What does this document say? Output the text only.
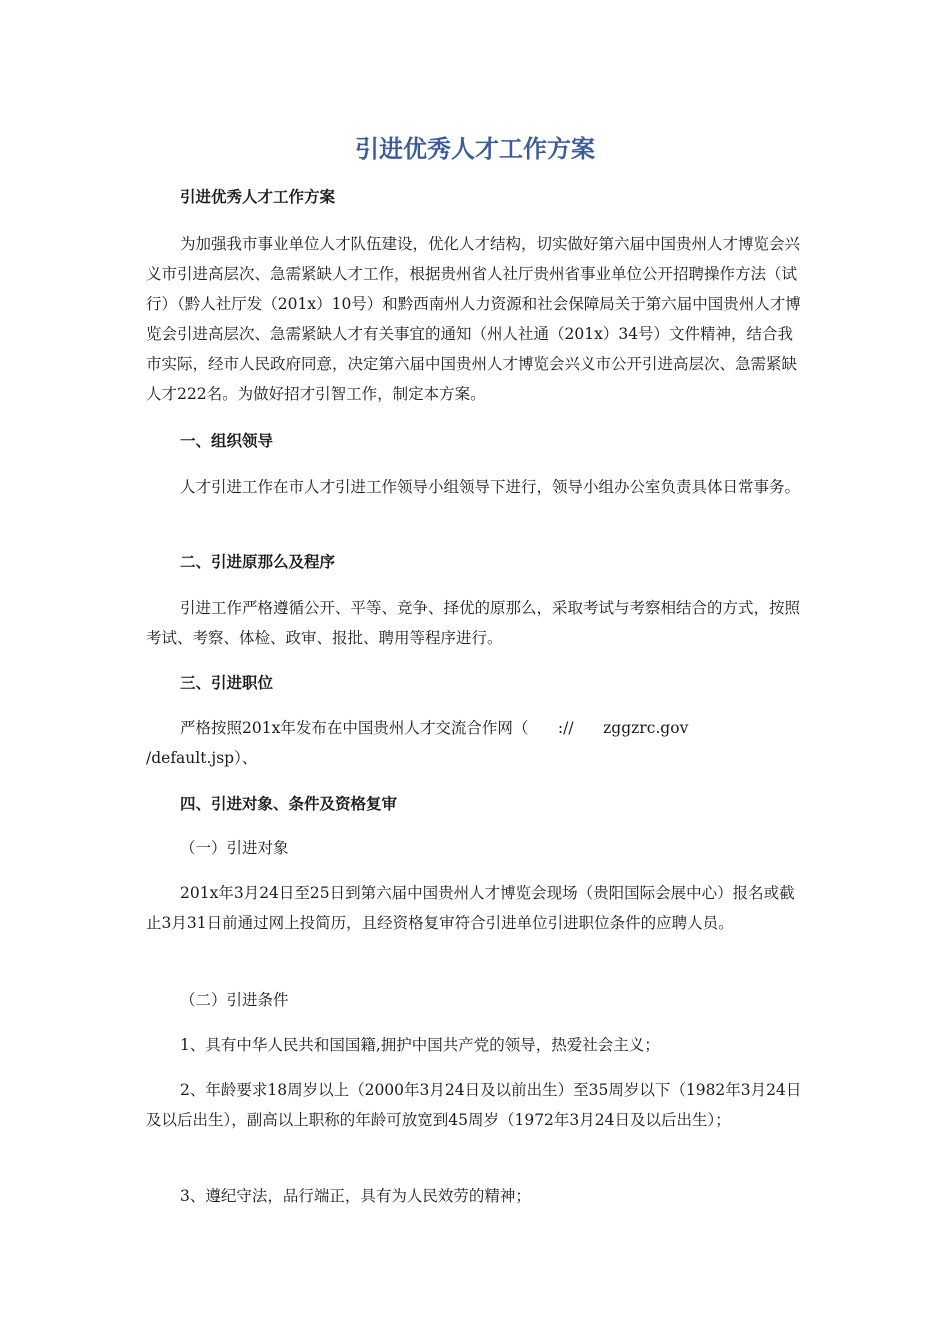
引进优秀人才工作方案

引进优秀人才工作方案

为加强我市事业单位人才队伍建设，优化人才结构，切实做好第六届中国贵州人才博览会兴义市引进高层次、急需紧缺人才工作，根据贵州省人社厅贵州省事业单位公开招聘操作方法（试行）（黔人社厅发（201x）10号）和黔西南州人力资源和社会保障局关于第六届中国贵州人才博览会引进高层次、急需紧缺人才有关事宜的通知（州人社通（201x）34号）文件精神，结合我市实际，经市人民政府同意，决定第六届中国贵州人才博览会兴义市公开引进高层次、急需紧缺人才222名。为做好招才引智工作，制定本方案。

一、组织领导

人才引进工作在市人才引进工作领导小组领导下进行，领导小组办公室负责具体日常事务。

二、引进原那么及程序

引进工作严格遵循公开、平等、竞争、择优的原那么，采取考试与考察相结合的方式，按照考试、考察、体检、政审、报批、聘用等程序进行。

三、引进职位

严格按照201x年发布在中国贵州人才交流合作网（      ://      zggzrc.gov

/default.jsp）、

四、引进对象、条件及资格复审

（一）引进对象

201x年3月24日至25日到第六届中国贵州人才博览会现场（贵阳国际会展中心）报名或截止3月31日前通过网上投简历，且经资格复审符合引进单位引进职位条件的应聘人员。

（二）引进条件

1、具有中华人民共和国国籍,拥护中国共产党的领导，热爱社会主义；

2、年龄要求18周岁以上（2000年3月24日及以前出生）至35周岁以下（1982年3月24日及以后出生），副高以上职称的年龄可放宽到45周岁（1972年3月24日及以后出生）；

3、遵纪守法，品行端正，具有为人民效劳的精神；
